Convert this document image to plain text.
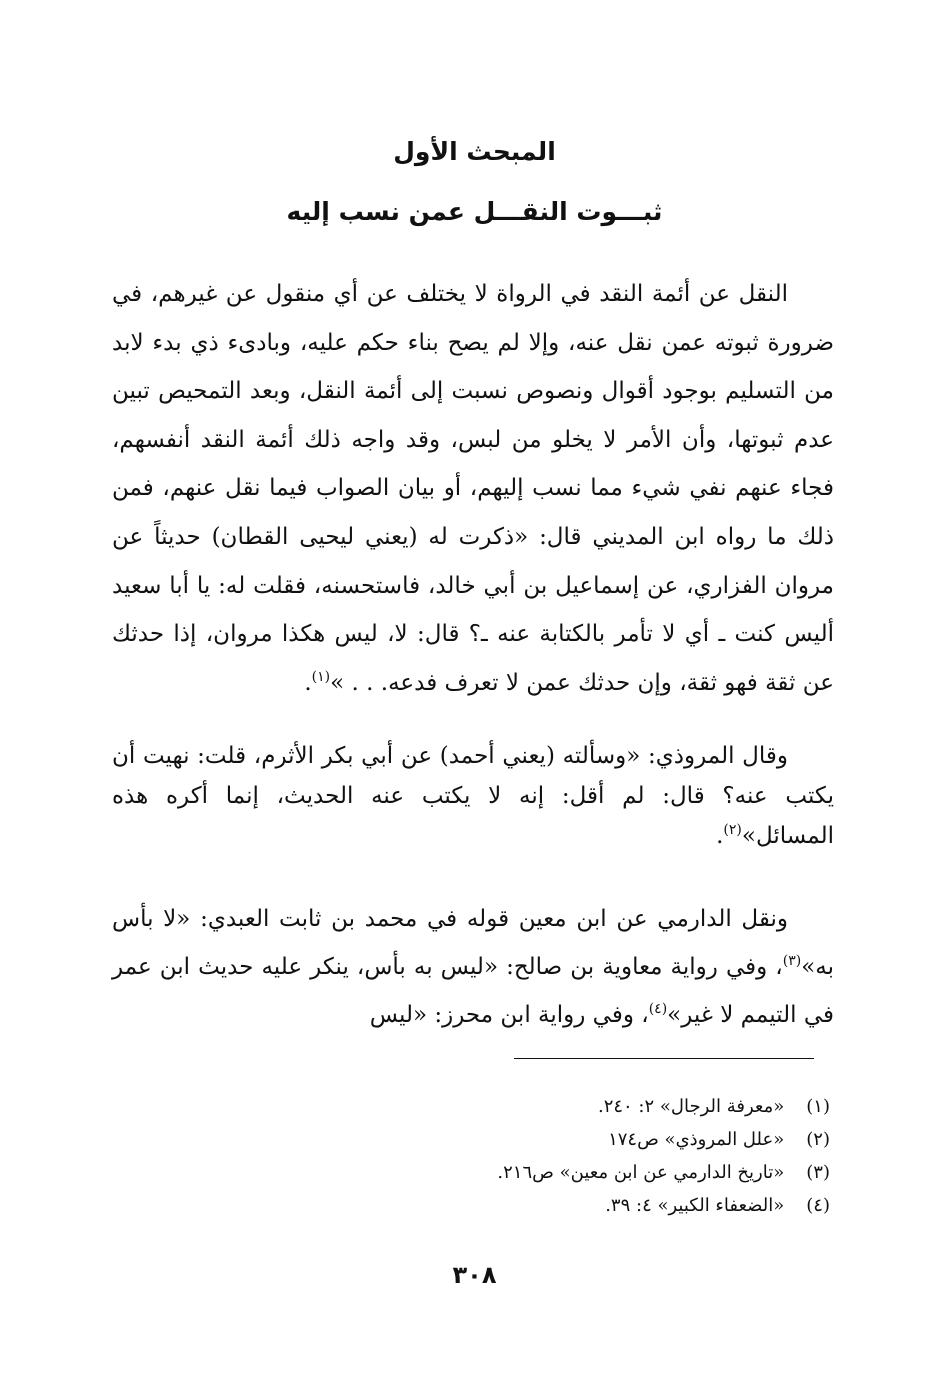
المبحث الأول
ثبـــوت النقـــل عمن نسب إليه

النقل عن أئمة النقد في الرواة لا يختلف عن أي منقول عن غيرهم، في ضرورة ثبوته عمن نقل عنه، وإلا لم يصح بناء حكم عليه، وبادىء ذي بدء لابد من التسليم بوجود أقوال ونصوص نسبت إلى أئمة النقل، وبعد التمحيص تبين عدم ثبوتها، وأن الأمر لا يخلو من لبس، وقد واجه ذلك أئمة النقد أنفسهم، فجاء عنهم نفي شيء مما نسب إليهم، أو بيان الصواب فيما نقل عنهم، فمن ذلك ما رواه ابن المديني قال: «ذكرت له (يعني ليحيى القطان) حديثاً عن مروان الفزاري، عن إسماعيل بن أبي خالد، فاستحسنه، فقلت له: يا أبا سعيد أليس كنت ـ أي لا تأمر بالكتابة عنه ـ؟ قال: لا، ليس هكذا مروان، إذا حدثك عن ثقة فهو ثقة، وإن حدثك عمن لا تعرف فدعه. . . »$^{(١)}$.

وقال المروذي: «وسألته (يعني أحمد) عن أبي بكر الأثرم، قلت: نهيت أن يكتب عنه؟ قال: لم أقل: إنه لا يكتب عنه الحديث، إنما أكره هذه المسائل»$^{(٢)}$.

ونقل الدارمي عن ابن معين قوله في محمد بن ثابت العبدي: «لا بأس به»$^{(٣)}$، وفي رواية معاوية بن صالح: «ليس به بأس، ينكر عليه حديث ابن عمر في التيمم لا غير»$^{(٤)}$، وفي رواية ابن محرز: «ليس

(١) «معرفة الرجال» ٢: ٢٤٠.
(٢) «علل المروذي» ص١٧٤
(٣) «تاريخ الدارمي عن ابن معين» ص٢١٦.
(٤) «الضعفاء الكبير» ٤: ٣٩.
٣٠٨
